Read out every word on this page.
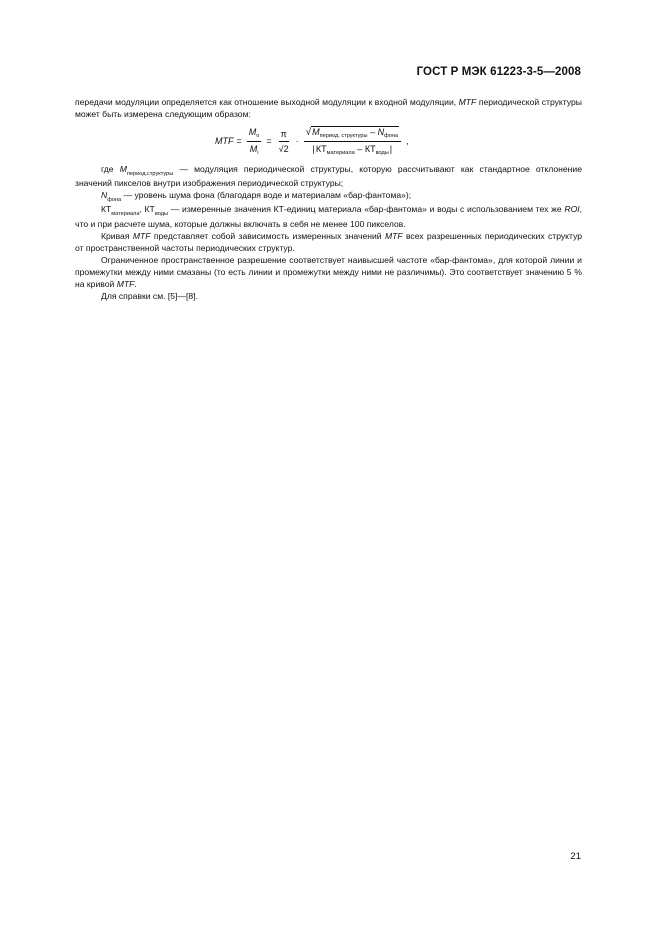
ГОСТ Р МЭК 61223-3-5—2008

передачи модуляции определяется как отношение выходной модуляции к входной модуляции, MTF периодической структуры может быть измерена следующим образом:

MTF = $\frac{M_o}{M_i} = \frac{\pi}{√2} \cdot \frac{√M_{период. структуры} - N_{фона}}{|КТ_{материала} - КТ_{воды}|}$ ,

где $M_{период.структуры}$ — модуляция периодической структуры, которую рассчитывают как стандартное отклонение значений пикселов внутри изображения периодической структуры;

$N_{фона}$ — уровень шума фона (благодаря воде и материалам «бар-фантома»);

$КТ_{материала}$, $КТ_{воды}$ — измеренные значения КТ-единиц материала «бар-фантома» и воды с использованием тех же ROI, что и при расчете шума, которые должны включать в себя не менее 100 пикселов.

Кривая MTF представляет собой зависимость измеренных значений MTF всех разрешенных периодических структур от пространственной частоты периодических структур.

Ограниченное пространственное разрешение соответствует наивысшей частоте «бар-фантома», для которой линии и промежутки между ними смазаны (то есть линии и промежутки между ними не различимы). Это соответствует значению 5 % на кривой MTF.

Для справки см. [5]—[8].

21
